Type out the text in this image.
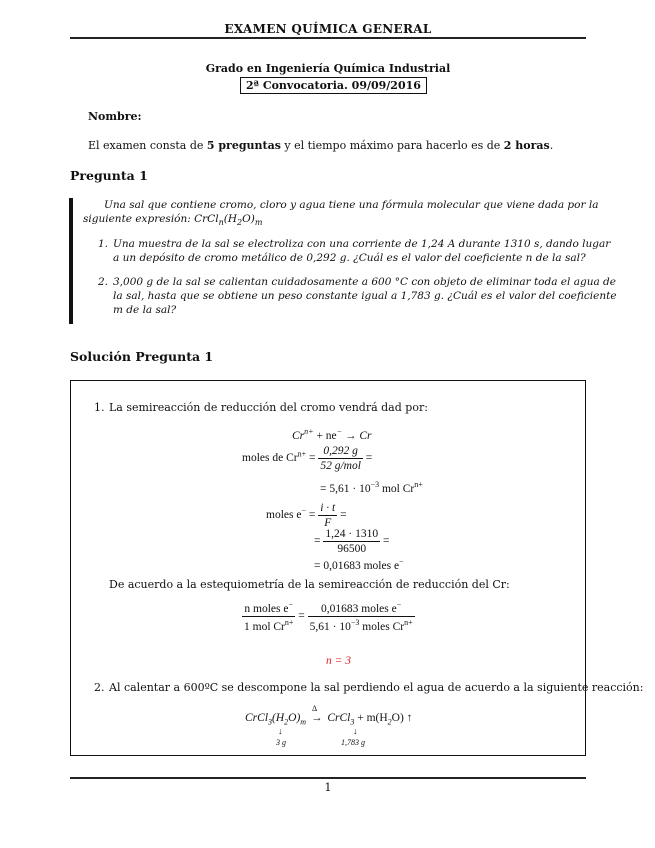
EXAMEN QUÍMICA GENERAL
Grado en Ingeniería Química Industrial
2ª Convocatoria. 09/09/2016
Nombre:
El examen consta de 5 preguntas y el tiempo máximo para hacerlo es de 2 horas.
Pregunta 1
Una sal que contiene cromo, cloro y agua tiene una fórmula molecular que viene dada por la
siguiente expresión: $CrCl_n(H_2O)_m$
1. Una muestra de la sal se electroliza con una corriente de 1,24 A durante 1310 s, dando lugar
a un depósito de cromo metálico de 0,292 g. ¿Cuál es el valor del coeficiente n de la sal?
2. 3,000 g de la sal se calientan cuidadosamente a 600 °C con objeto de eliminar toda el agua de
la sal, hasta que se obtiene un peso constante igual a 1,783 g. ¿Cuál es el valor del coeficiente
m de la sal?
Solución Pregunta 1
1. La semireacción de reducción del cromo vendrá dad por:
$Cr^{n+} + ne^- \to Cr$
moles de $Cr^{n+} = \frac{0,292 g}{\text{52 g/mol}}$ =
= $5,61 \cdot 10^{-3}$ mol $Cr^{n+}$
moles $e^- = \frac{i \cdot t}{F}$ =
= $\frac{1,24 \cdot 1310}{96500}$ =
= 0,01683 moles e−
De acuerdo a la estequiometría de la semireacción de reducción del Cr:
$\frac{n moles e^-}{1 mol Cr^{n+}} = \frac{0,01683 moles e^-}{5,61 \cdot 10^{-3} moles Cr^{n+}}$
n = 3
2. Al calentar a 600ºC se descompone la sal perdiendo el agua de acuerdo a la siguiente reacción:
$CrCl_3(H_2O)_m$
Δ
→ CrCl$_3$ + $m(H_2O)$ ↑
↓
3 g
↓
1,783 g
1
